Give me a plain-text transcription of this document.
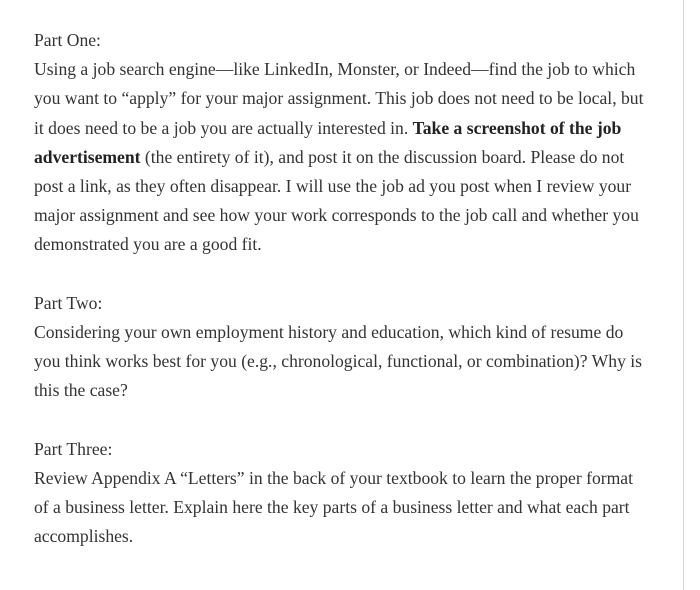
Part One:
Using a job search engine—like LinkedIn, Monster, or Indeed—find the job to which you want to “apply” for your major assignment. This job does not need to be local, but it does need to be a job you are actually interested in. Take a screenshot of the job advertisement (the entirety of it), and post it on the discussion board. Please do not post a link, as they often disappear. I will use the job ad you post when I review your major assignment and see how your work corresponds to the job call and whether you demonstrated you are a good fit.
Part Two:
Considering your own employment history and education, which kind of resume do you think works best for you (e.g., chronological, functional, or combination)? Why is this the case?
Part Three:
Review Appendix A “Letters” in the back of your textbook to learn the proper format of a business letter. Explain here the key parts of a business letter and what each part accomplishes.
